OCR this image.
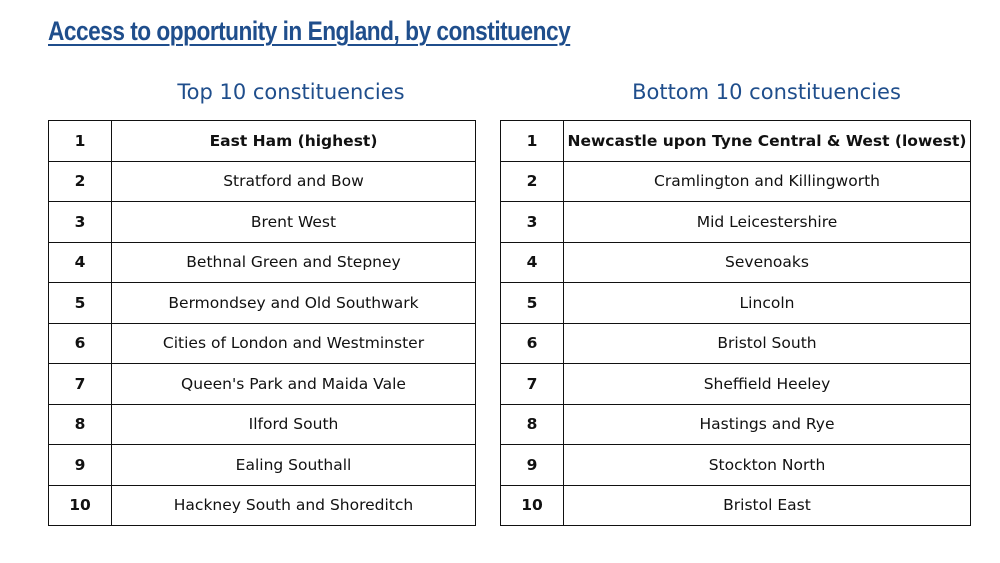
Access to opportunity in England, by constituency
Top 10 constituencies
1	East Ham (highest)
2	Stratford and Bow
3	Brent West
4	Bethnal Green and Stepney
5	Bermondsey and Old Southwark
6	Cities of London and Westminster
7	Queen's Park and Maida Vale
8	Ilford South
9	Ealing Southall
10	Hackney South and Shoreditch
Bottom 10 constituencies
1	Newcastle upon Tyne Central & West (lowest)
2	Cramlington and Killingworth
3	Mid Leicestershire
4	Sevenoaks
5	Lincoln
6	Bristol South
7	Sheffield Heeley
8	Hastings and Rye
9	Stockton North
10	Bristol East
